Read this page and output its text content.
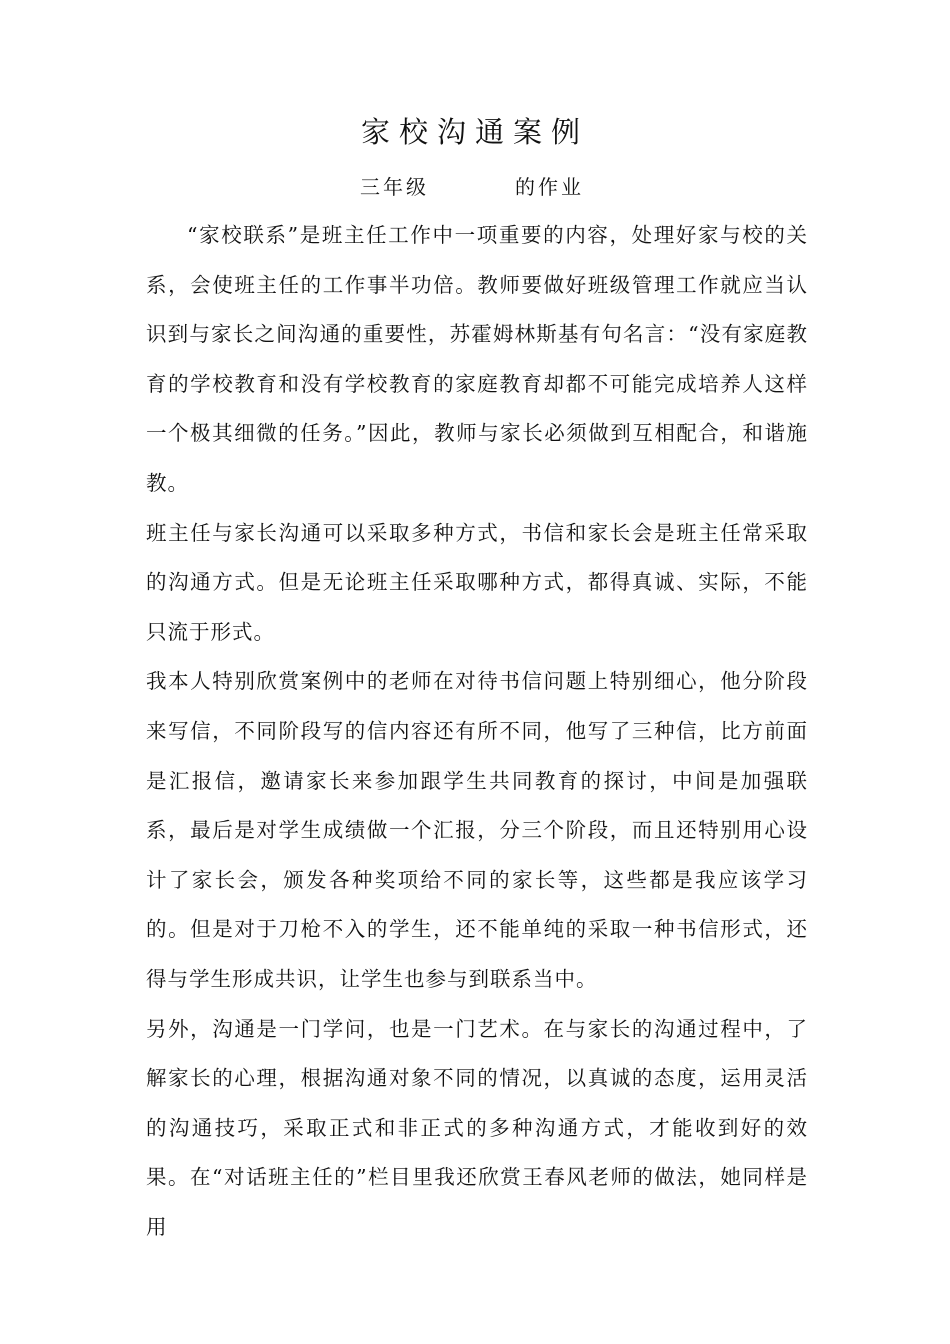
家校沟通案例
三年级	的作业

“家校联系”是班主任工作中一项重要的内容，处理好家与校的关系，会使班主任的工作事半功倍。教师要做好班级管理工作就应当认识到与家长之间沟通的重要性，苏霍姆林斯基有句名言：“没有家庭教育的学校教育和没有学校教育的家庭教育却都不可能完成培养人这样一个极其细微的任务。”因此，教师与家长必须做到互相配合，和谐施教。

班主任与家长沟通可以采取多种方式，书信和家长会是班主任常采取的沟通方式。但是无论班主任采取哪种方式，都得真诚、实际，不能只流于形式。

我本人特别欣赏案例中的老师在对待书信问题上特别细心，他分阶段来写信，不同阶段写的信内容还有所不同，他写了三种信，比方前面是汇报信，邀请家长来参加跟学生共同教育的探讨，中间是加强联系，最后是对学生成绩做一个汇报，分三个阶段，而且还特别用心设计了家长会，颁发各种奖项给不同的家长等，这些都是我应该学习的。但是对于刀枪不入的学生，还不能单纯的采取一种书信形式，还得与学生形成共识，让学生也参与到联系当中。

另外，沟通是一门学问，也是一门艺术。在与家长的沟通过程中，了解家长的心理，根据沟通对象不同的情况，以真诚的态度，运用灵活的沟通技巧，采取正式和非正式的多种沟通方式，才能收到好的效果。在“对话班主任的”栏目里我还欣赏王春风老师的做法，她同样是用
